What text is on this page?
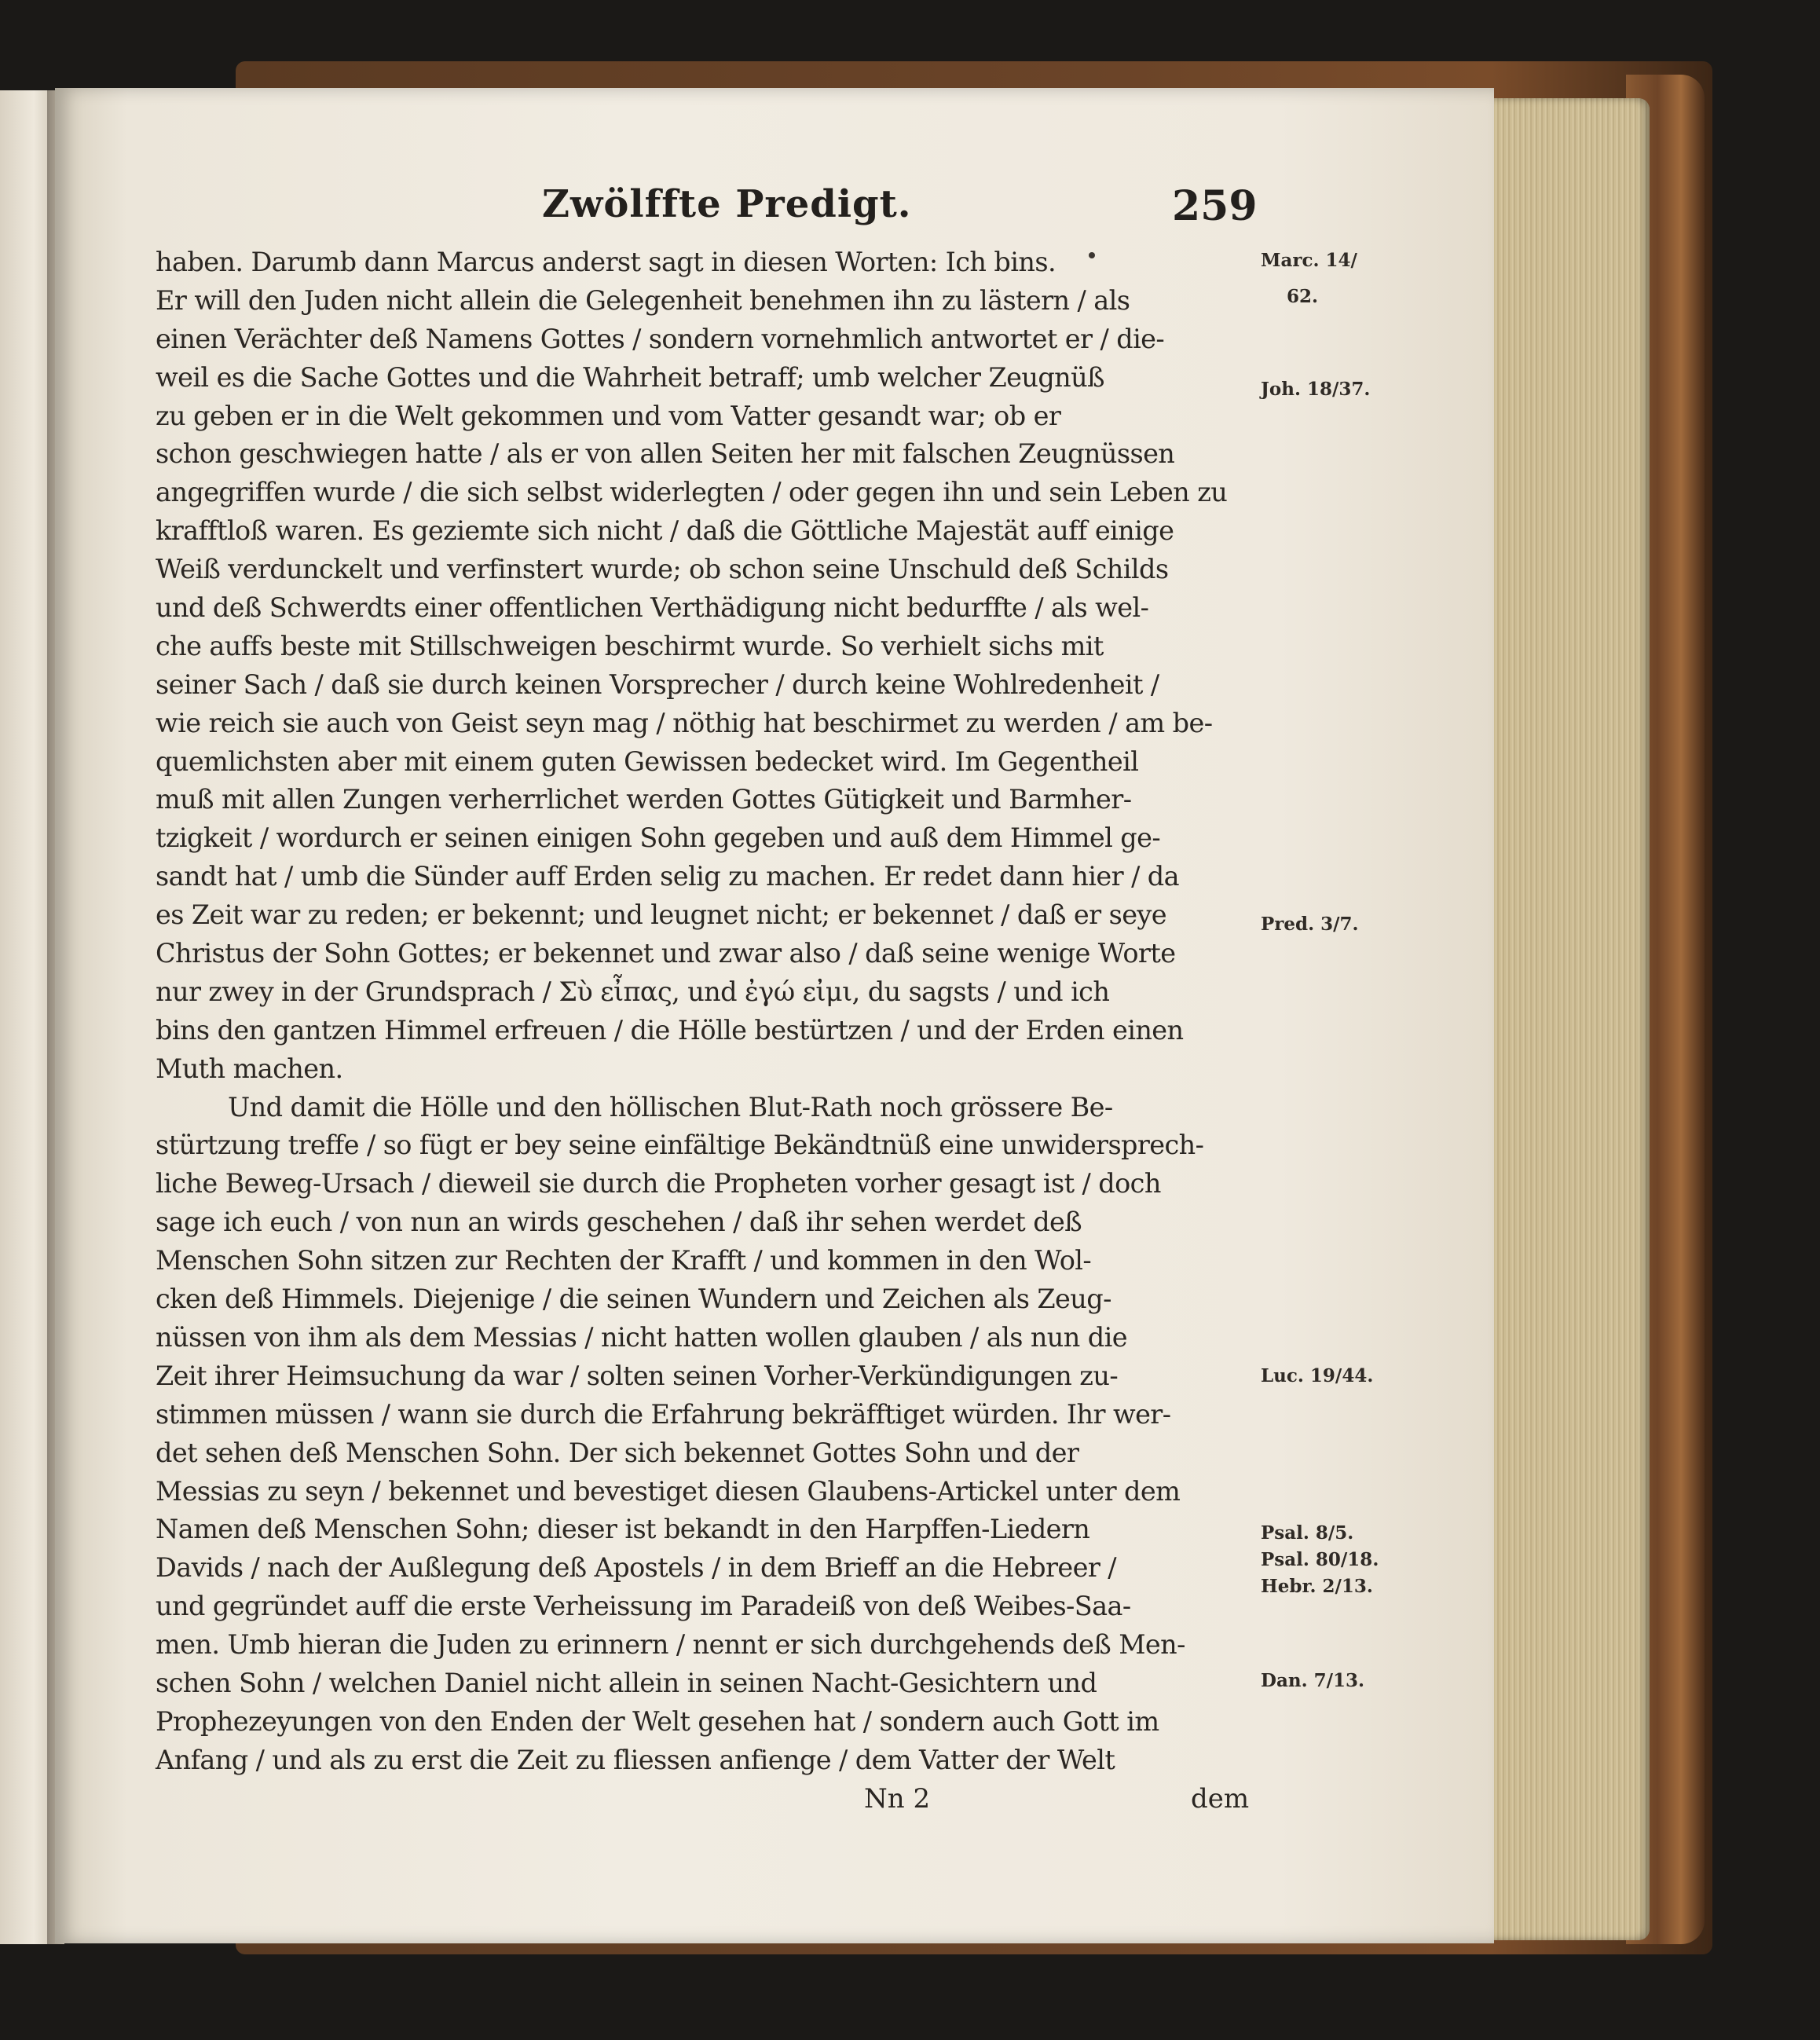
Zwölffte Predigt.	259
haben. Darumb dann Marcus anderst sagt in diesen Worten: Ich bins.
Er will den Juden nicht allein die Gelegenheit benehmen ihn zu lästern / als
einen Verächter deß Namens Gottes / sondern vornehmlich antwortet er / die-
weil es die Sache Gottes und die Wahrheit betraff; umb welcher Zeugnüß
zu geben er in die Welt gekommen und vom Vatter gesandt war; ob er
schon geschwiegen hatte / als er von allen Seiten her mit falschen Zeugnüssen
angegriffen wurde / die sich selbst widerlegten / oder gegen ihn und sein Leben zu
krafftloß waren. Es geziemte sich nicht / daß die Göttliche Majestät auff einige
Weiß verdunckelt und verfinstert wurde; ob schon seine Unschuld deß Schilds
und deß Schwerdts einer offentlichen Verthädigung nicht bedurffte / als wel-
che auffs beste mit Stillschweigen beschirmt wurde. So verhielt sichs mit
seiner Sach / daß sie durch keinen Vorsprecher / durch keine Wohlredenheit /
wie reich sie auch von Geist seyn mag / nöthig hat beschirmet zu werden / am be-
quemlichsten aber mit einem guten Gewissen bedecket wird. Im Gegentheil
muß mit allen Zungen verherrlichet werden Gottes Gütigkeit und Barmher-
tzigkeit / wordurch er seinen einigen Sohn gegeben und auß dem Himmel ge-
sandt hat / umb die Sünder auff Erden selig zu machen. Er redet dann hier / da
es Zeit war zu reden; er bekennt; und leugnet nicht; er bekennet / daß er seye
Christus der Sohn Gottes; er bekennet und zwar also / daß seine wenige Worte
nur zwey in der Grundsprach / Σὺ εἶπας, und ἐγώ εἰμι, du sagsts / und ich
bins den gantzen Himmel erfreuen / die Hölle bestürtzen / und der Erden einen
Muth machen.
Und damit die Hölle und den höllischen Blut-Rath noch grössere Be-
stürtzung treffe / so fügt er bey seine einfältige Bekändtnüß eine unwidersprech-
liche Beweg-Ursach / dieweil sie durch die Propheten vorher gesagt ist / doch
sage ich euch / von nun an wirds geschehen / daß ihr sehen werdet deß
Menschen Sohn sitzen zur Rechten der Krafft / und kommen in den Wol-
cken deß Himmels. Diejenige / die seinen Wundern und Zeichen als Zeug-
nüssen von ihm als dem Messias / nicht hatten wollen glauben / als nun die
Zeit ihrer Heimsuchung da war / solten seinen Vorher-Verkündigungen zu-
stimmen müssen / wann sie durch die Erfahrung bekräfftiget würden. Ihr wer-
det sehen deß Menschen Sohn. Der sich bekennet Gottes Sohn und der
Messias zu seyn / bekennet und bevestiget diesen Glaubens-Artickel unter dem
Namen deß Menschen Sohn; dieser ist bekandt in den Harpffen-Liedern
Davids / nach der Außlegung deß Apostels / in dem Brieff an die Hebreer /
und gegründet auff die erste Verheissung im Paradeiß von deß Weibes-Saa-
men. Umb hieran die Juden zu erinnern / nennt er sich durchgehends deß Men-
schen Sohn / welchen Daniel nicht allein in seinen Nacht-Gesichtern und
Prophezeyungen von den Enden der Welt gesehen hat / sondern auch Gott im
Anfang / und als zu erst die Zeit zu fliessen anfienge / dem Vatter der Welt
Marc. 14/
62.
Joh. 18/37.
Pred. 3/7.
Luc. 19/44.
Psal. 8/5.
Psal. 80/18.
Hebr. 2/13.
Dan. 7/13.
Nn 2	dem
